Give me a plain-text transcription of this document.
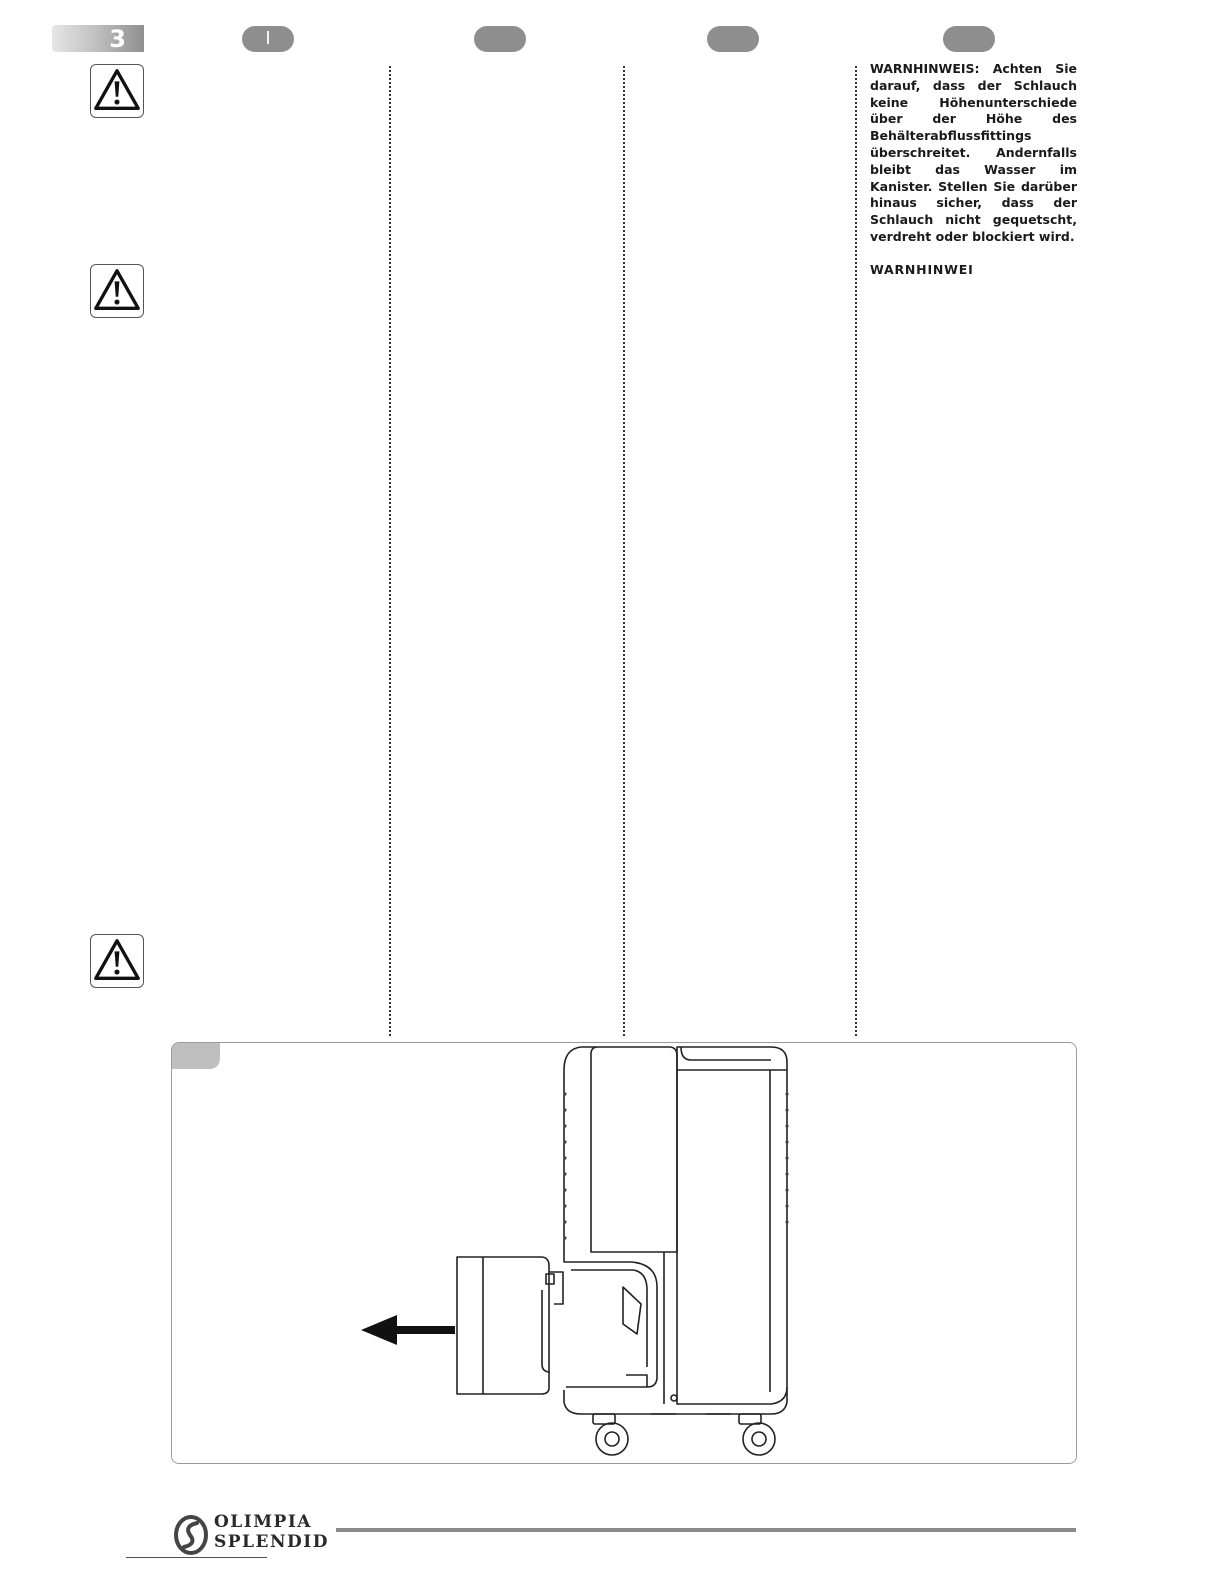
3	I

WARNHINWEIS: Achten Sie darauf, dass der Schlauch keine Höhenunterschiede über der Höhe des Behälterabflussfittings überschreitet. Andernfalls bleibt das Wasser im Kanister. Stellen Sie darüber hinaus sicher, dass der Schlauch nicht gequetscht, verdreht oder blockiert wird.

WARNHINWEI

OLIMPIA
SPLENDID
